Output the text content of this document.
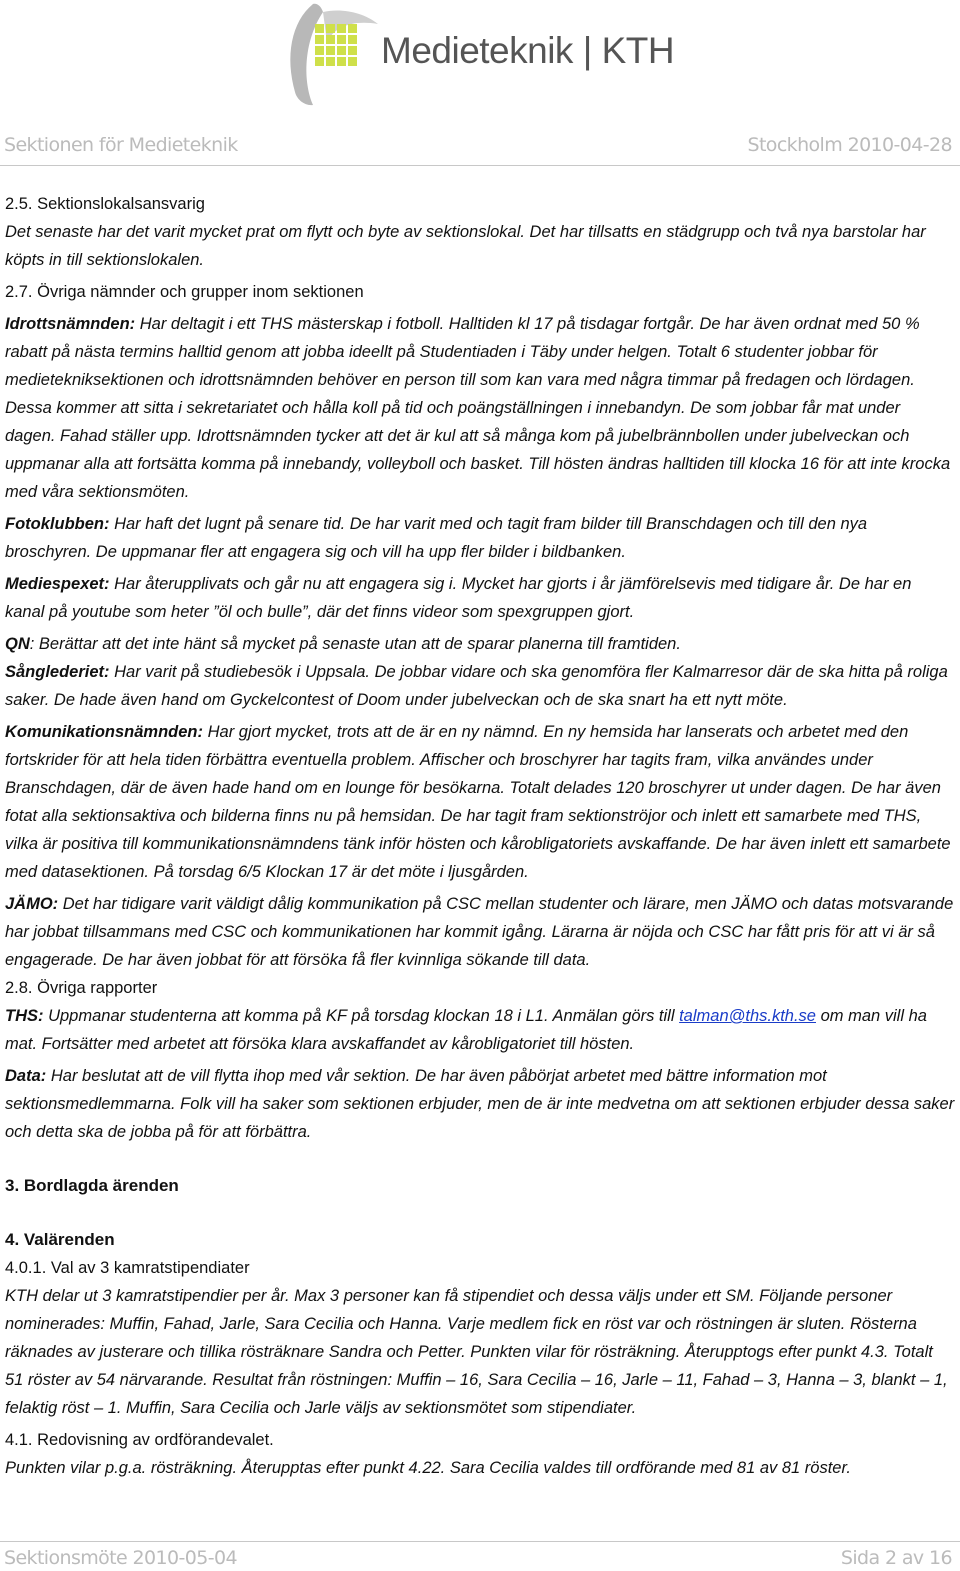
Medieteknik | KTH
Sektionen för Medieteknik	Stockholm 2010-04-28

2.5. Sektionslokalsansvarig

Det senaste har det varit mycket prat om flytt och byte av sektionslokal. Det har tillsatts en städgrupp och två nya barstolar har köpts in till sektionslokalen.

2.7. Övriga nämnder och grupper inom sektionen

Idrottsnämnden: Har deltagit i ett THS mästerskap i fotboll. Halltiden kl 17 på tisdagar fortgår. De har även ordnat med 50 % rabatt på nästa termins halltid genom att jobba ideellt på Studentiaden i Täby under helgen. Totalt 6 studenter jobbar för medietekniksektionen och idrottsnämnden behöver en person till som kan vara med några timmar på fredagen och lördagen. Dessa kommer att sitta i sekretariatet och hålla koll på tid och poängställningen i innebandyn. De som jobbar får mat under dagen. Fahad ställer upp. Idrottsnämnden tycker att det är kul att så många kom på jubelbrännbollen under jubelveckan och uppmanar alla att fortsätta komma på innebandy, volleyboll och basket. Till hösten ändras halltiden till klocka 16 för att inte krocka med våra sektionsmöten.

Fotoklubben: Har haft det lugnt på senare tid. De har varit med och tagit fram bilder till Branschdagen och till den nya broschyren. De uppmanar fler att engagera sig och vill ha upp fler bilder i bildbanken.

Mediespexet: Har återupplivats och går nu att engagera sig i. Mycket har gjorts i år jämförelsevis med tidigare år. De har en kanal på youtube som heter ”öl och bulle”, där det finns videor som spexgruppen gjort.

QN: Berättar att det inte hänt så mycket på senaste utan att de sparar planerna till framtiden.

Sånglederiet: Har varit på studiebesök i Uppsala. De jobbar vidare och ska genomföra fler Kalmarresor där de ska hitta på roliga saker. De hade även hand om Gyckelcontest of Doom under jubelveckan och de ska snart ha ett nytt möte.

Komunikationsnämnden: Har gjort mycket, trots att de är en ny nämnd. En ny hemsida har lanserats och arbetet med den fortskrider för att hela tiden förbättra eventuella problem. Affischer och broschyrer har tagits fram, vilka användes under Branschdagen, där de även hade hand om en lounge för besökarna. Totalt delades 120 broschyrer ut under dagen. De har även fotat alla sektionsaktiva och bilderna finns nu på hemsidan. De har tagit fram sektionströjor och inlett ett samarbete med THS, vilka är positiva till kommunikationsnämndens tänk inför hösten och kårobligatoriets avskaffande. De har även inlett ett samarbete med datasektionen. På torsdag 6/5 Klockan 17 är det möte i ljusgården.

JÄMO: Det har tidigare varit väldigt dålig kommunikation på CSC mellan studenter och lärare, men JÄMO och datas motsvarande har jobbat tillsammans med CSC och kommunikationen har kommit igång. Lärarna är nöjda och CSC har fått pris för att vi är så engagerade. De har även jobbat för att försöka få fler kvinnliga sökande till data.

2.8. Övriga rapporter

THS: Uppmanar studenterna att komma på KF på torsdag klockan 18 i L1. Anmälan görs till talman@ths.kth.se om man vill ha mat. Fortsätter med arbetet att försöka klara avskaffandet av kårobligatoriet till hösten.

Data: Har beslutat att de vill flytta ihop med vår sektion. De har även påbörjat arbetet med bättre information mot sektionsmedlemmarna. Folk vill ha saker som sektionen erbjuder, men de är inte medvetna om att sektionen erbjuder dessa saker och detta ska de jobba på för att förbättra.

3. Bordlagda ärenden

4. Valärenden

4.0.1. Val av 3 kamratstipendiater

KTH delar ut 3 kamratstipendier per år. Max 3 personer kan få stipendiet och dessa väljs under ett SM. Följande personer nominerades: Muffin, Fahad, Jarle, Sara Cecilia och Hanna. Varje medlem fick en röst var och röstningen är sluten. Rösterna räknades av justerare och tillika rösträknare Sandra och Petter. Punkten vilar för rösträkning. Återupptogs efter punkt 4.3. Totalt 51 röster av 54 närvarande. Resultat från röstningen: Muffin – 16, Sara Cecilia – 16, Jarle – 11, Fahad – 3, Hanna – 3, blankt – 1, felaktig röst – 1. Muffin, Sara Cecilia och Jarle väljs av sektionsmötet som stipendiater.

4.1. Redovisning av ordförandevalet.

Punkten vilar p.g.a. rösträkning. Återupptas efter punkt 4.22. Sara Cecilia valdes till ordförande med 81 av 81 röster.

Sektionsmöte 2010-05-04	Sida 2 av 16
